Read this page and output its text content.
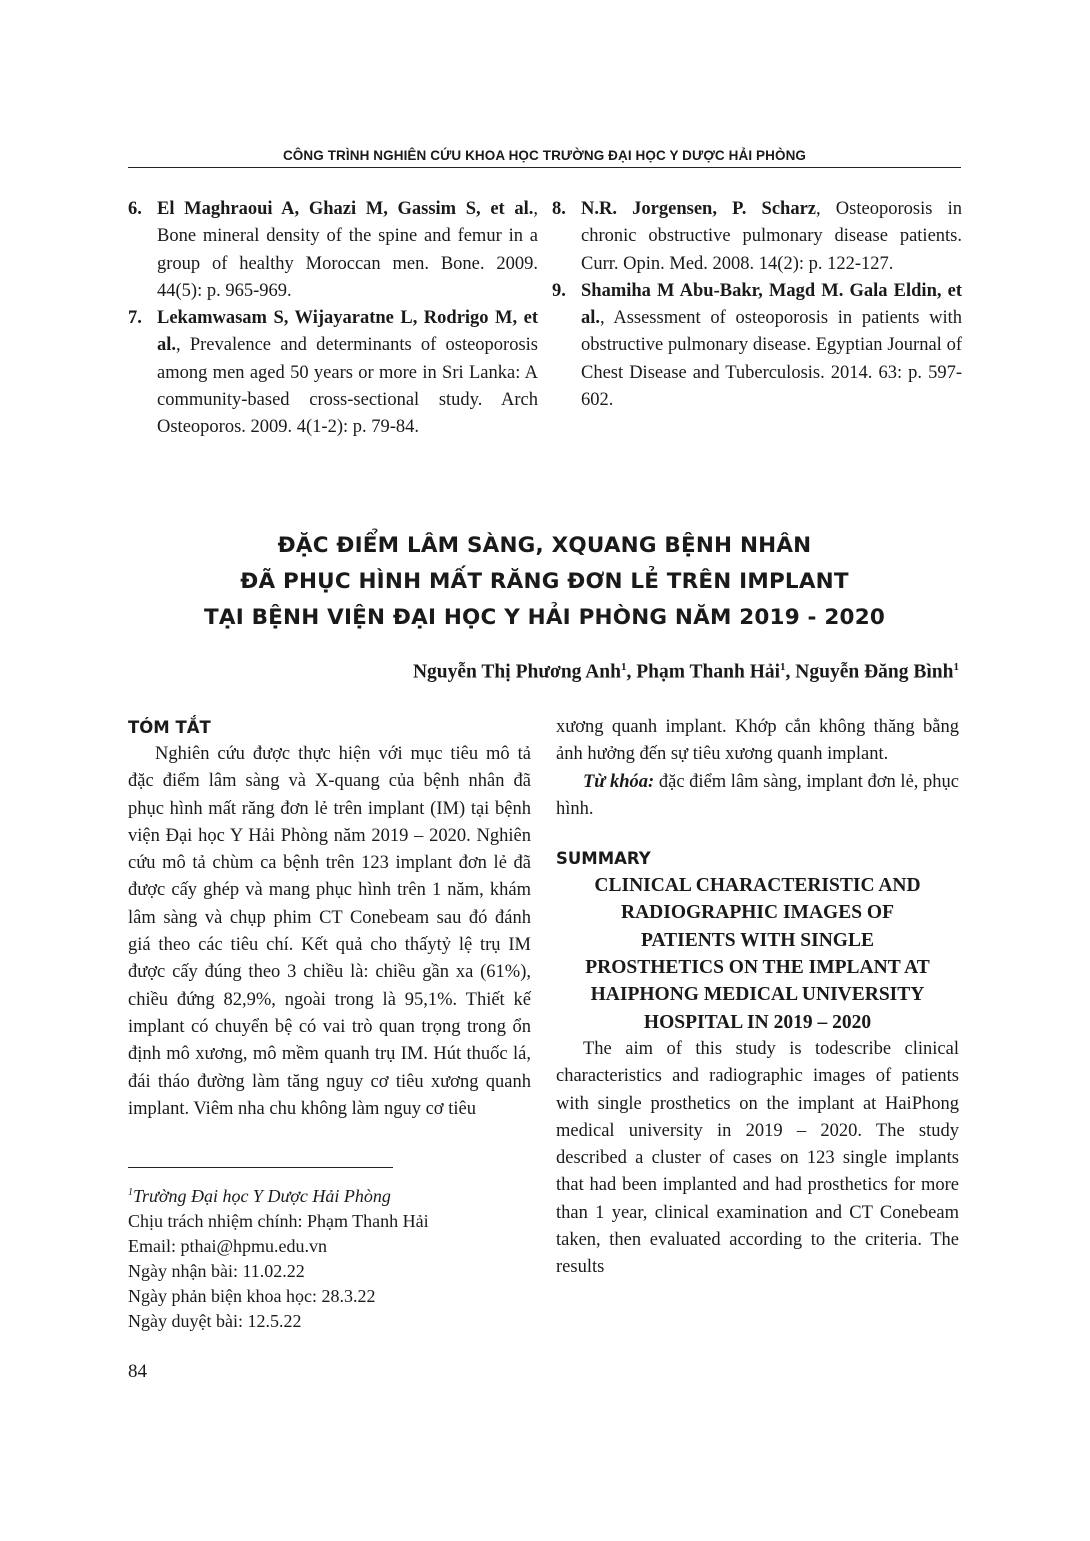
CÔNG TRÌNH NGHIÊN CỨU KHOA HỌC TRƯỜNG ĐẠI HỌC Y DƯỢC HẢI PHÒNG
6. El Maghraoui A, Ghazi M, Gassim S, et al., Bone mineral density of the spine and femur in a group of healthy Moroccan men. Bone. 2009. 44(5): p. 965-969.
7. Lekamwasam S, Wijayaratne L, Rodrigo M, et al., Prevalence and determinants of osteoporosis among men aged 50 years or more in Sri Lanka: A community-based cross-sectional study. Arch Osteoporos. 2009. 4(1-2): p. 79-84.
8. N.R. Jorgensen, P. Scharz, Osteoporosis in chronic obstructive pulmonary disease patients. Curr. Opin. Med. 2008. 14(2): p. 122-127.
9. Shamiha M Abu-Bakr, Magd M. Gala Eldin, et al., Assessment of osteoporosis in patients with obstructive pulmonary disease. Egyptian Journal of Chest Disease and Tuberculosis. 2014. 63: p. 597-602.
ĐẶC ĐIỂM LÂM SÀNG, XQUANG BỆNH NHÂN
ĐÃ PHỤC HÌNH MẤT RĂNG ĐƠN LẺ TRÊN IMPLANT
TẠI BỆNH VIỆN ĐẠI HỌC Y HẢI PHÒNG NĂM 2019 - 2020
Nguyễn Thị Phương Anh$^1$, Phạm Thanh Hải$^1$, Nguyễn Đăng Bình$^1$
TÓM TẮT

Nghiên cứu được thực hiện với mục tiêu mô tả đặc điểm lâm sàng và X-quang của bệnh nhân đã phục hình mất răng đơn lẻ trên implant (IM) tại bệnh viện Đại học Y Hải Phòng năm 2019 – 2020. Nghiên cứu mô tả chùm ca bệnh trên 123 implant đơn lẻ đã được cấy ghép và mang phục hình trên 1 năm, khám lâm sàng và chụp phim CT Conebeam sau đó đánh giá theo các tiêu chí. Kết quả cho thấytỷ lệ trụ IM được cấy đúng theo 3 chiều là: chiều gần xa (61%), chiều đứng 82,9%, ngoài trong là 95,1%. Thiết kế implant có chuyển bệ có vai trò quan trọng trong ổn định mô xương, mô mềm quanh trụ IM. Hút thuốc lá, đái tháo đường làm tăng nguy cơ tiêu xương quanh implant. Viêm nha chu không làm nguy cơ tiêu

xương quanh implant. Khớp cắn không thăng bằng ảnh hưởng đến sự tiêu xương quanh implant.

Từ khóa: đặc điểm lâm sàng, implant đơn lẻ, phục hình.

SUMMARY
CLINICAL CHARACTERISTIC AND
RADIOGRAPHIC IMAGES OF
PATIENTS WITH SINGLE
PROSTHETICS ON THE IMPLANT AT
HAIPHONG MEDICAL UNIVERSITY
HOSPITAL IN 2019 – 2020

The aim of this study is todescribe clinical characteristics and radiographic images of patients with single prosthetics on the implant at HaiPhong medical university in 2019 – 2020. The study described a cluster of cases on 123 single implants that had been implanted and had prosthetics for more than 1 year, clinical examination and CT Conebeam taken, then evaluated according to the criteria. The results

$^1$Trường Đại học Y Dược Hải Phòng
Chịu trách nhiệm chính: Phạm Thanh Hải
Email: pthai@hpmu.edu.vn
Ngày nhận bài: 11.02.22
Ngày phản biện khoa học: 28.3.22
Ngày duyệt bài: 12.5.22
84
